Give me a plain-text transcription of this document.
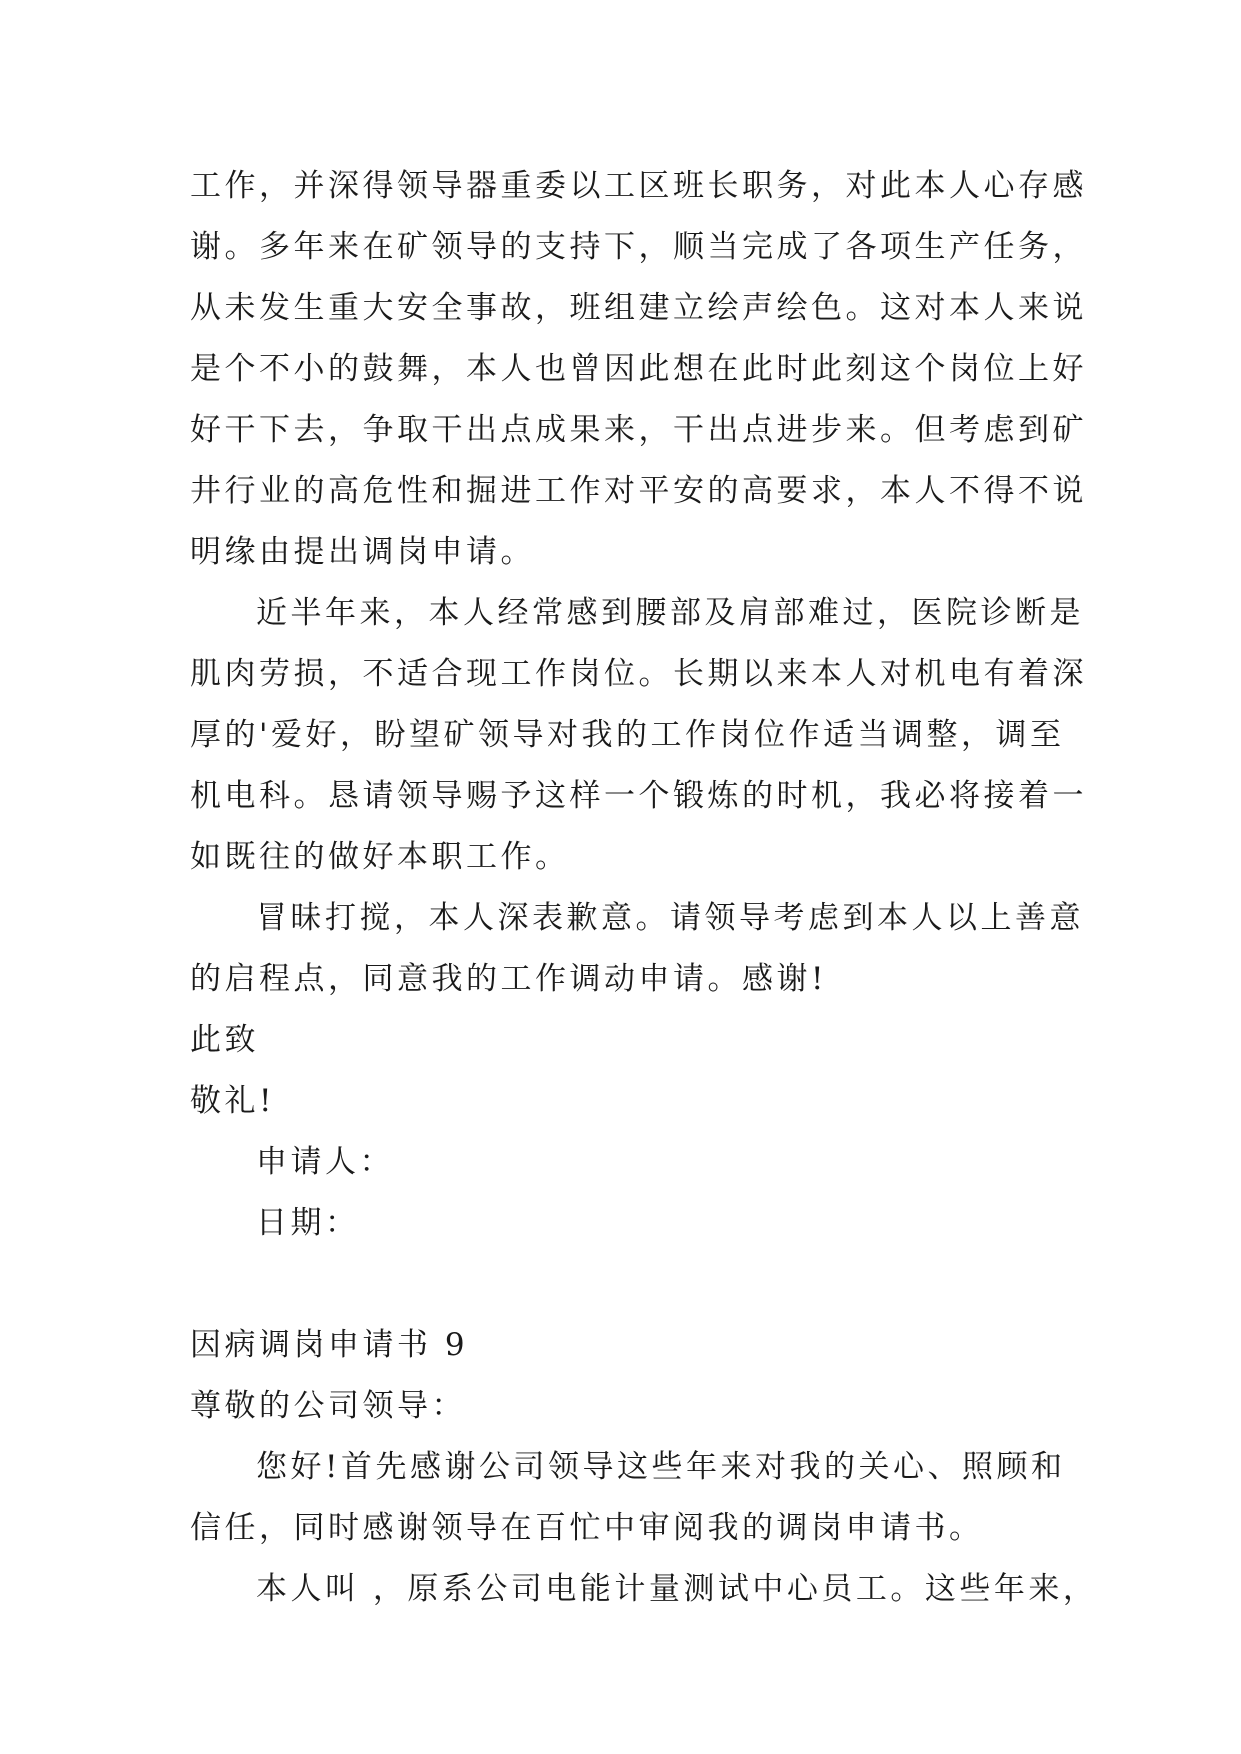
工作，并深得领导器重委以工区班长职务，对此本人心存感
谢。多年来在矿领导的支持下，顺当完成了各项生产任务，
从未发生重大安全事故，班组建立绘声绘色。这对本人来说
是个不小的鼓舞，本人也曾因此想在此时此刻这个岗位上好
好干下去，争取干出点成果来，干出点进步来。但考虑到矿
井行业的高危性和掘进工作对平安的高要求，本人不得不说
明缘由提出调岗申请。
近半年来，本人经常感到腰部及肩部难过，医院诊断是
肌肉劳损，不适合现工作岗位。长期以来本人对机电有着深
厚的'爱好，盼望矿领导对我的工作岗位作适当调整，调至
机电科。恳请领导赐予这样一个锻炼的时机，我必将接着一
如既往的做好本职工作。
冒昧打搅，本人深表歉意。请领导考虑到本人以上善意
的启程点，同意我的工作调动申请。感谢!
此致
敬礼!
申请人：
日期：
因病调岗申请书 9
尊敬的公司领导：
您好!首先感谢公司领导这些年来对我的关心、照顾和
信任，同时感谢领导在百忙中审阅我的调岗申请书。
本人叫 ，原系公司电能计量测试中心员工。这些年来，
